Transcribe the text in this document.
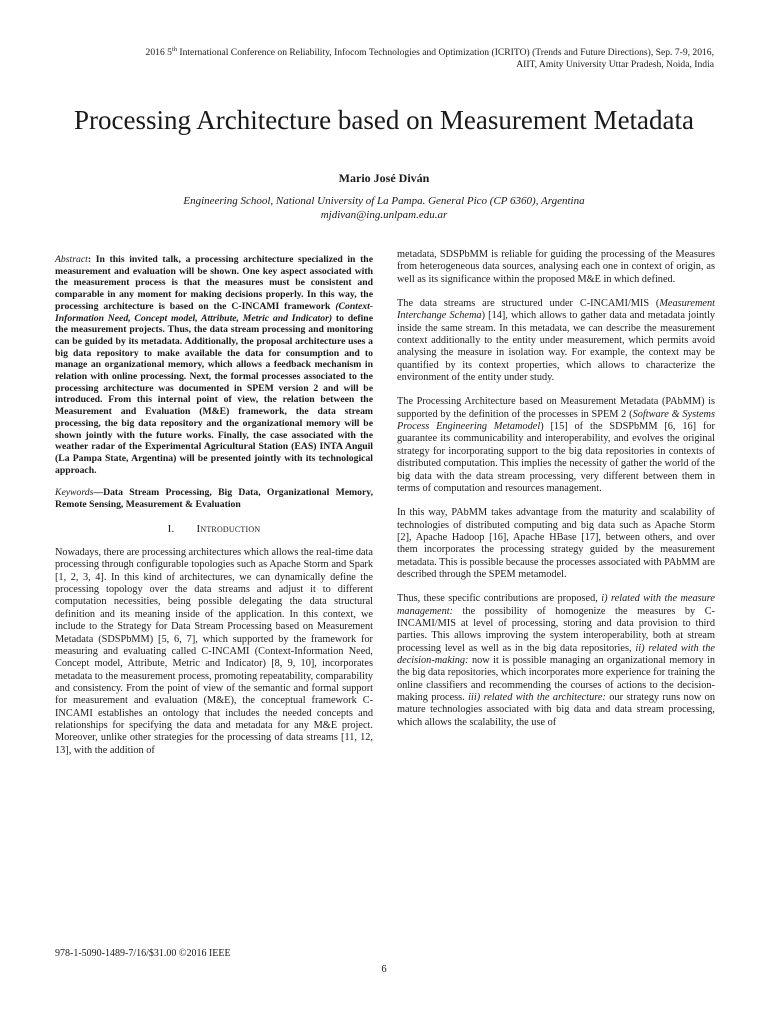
2016 5th International Conference on Reliability, Infocom Technologies and Optimization (ICRITO) (Trends and Future Directions), Sep. 7-9, 2016,
AIIT, Amity University Uttar Pradesh, Noida, India
Processing Architecture based on Measurement Metadata
Mario José Diván
Engineering School, National University of La Pampa. General Pico (CP 6360), Argentina
mjdivan@ing.unlpam.edu.ar
Abstract: In this invited talk, a processing architecture specialized in the measurement and evaluation will be shown. One key aspect associated with the measurement process is that the measures must be consistent and comparable in any moment for making decisions properly. In this way, the processing architecture is based on the C-INCAMI framework (Context-Information Need, Concept model, Attribute, Metric and Indicator) to define the measurement projects. Thus, the data stream processing and monitoring can be guided by its metadata. Additionally, the proposal architecture uses a big data repository to make available the data for consumption and to manage an organizational memory, which allows a feedback mechanism in relation with online processing. Next, the formal processes associated to the processing architecture was documented in SPEM version 2 and will be introduced. From this internal point of view, the relation between the Measurement and Evaluation (M&E) framework, the data stream processing, the big data repository and the organizational memory will be shown jointly with the future works. Finally, the case associated with the weather radar of the Experimental Agricultural Station (EAS) INTA Anguil (La Pampa State, Argentina) will be presented jointly with its technological approach.
Keywords—Data Stream Processing, Big Data, Organizational Memory, Remote Sensing, Measurement & Evaluation
I. Introduction

Nowadays, there are processing architectures which allows the real-time data processing through configurable topologies such as Apache Storm and Spark [1, 2, 3, 4]. In this kind of architectures, we can dynamically define the processing topology over the data streams and adjust it to different computation necessities, being possible delegating the data structural definition and its meaning inside of the application. In this context, we include to the Strategy for Data Stream Processing based on Measurement Metadata (SDSPbMM) [5, 6, 7], which supported by the framework for measuring and evaluating called C-INCAMI (Context-Information Need, Concept model, Attribute, Metric and Indicator) [8, 9, 10], incorporates metadata to the measurement process, promoting repeatability, comparability and consistency. From the point of view of the semantic and formal support for measurement and evaluation (M&E), the conceptual framework C-INCAMI establishes an ontology that includes the needed concepts and relationships for specifying the data and metadata for any M&E project. Moreover, unlike other strategies for the processing of data streams [11, 12, 13], with the addition of

metadata, SDSPbMM is reliable for guiding the processing of the Measures from heterogeneous data sources, analysing each one in context of origin, as well as its significance within the proposed M&E in which defined.

The data streams are structured under C-INCAMI/MIS (Measurement Interchange Schema) [14], which allows to gather data and metadata jointly inside the same stream. In this metadata, we can describe the measurement context additionally to the entity under measurement, which permits avoid analysing the measure in isolation way. For example, the context may be quantified by its context properties, which allows to characterize the environment of the entity under study.

The Processing Architecture based on Measurement Metadata (PAbMM) is supported by the definition of the processes in SPEM 2 (Software & Systems Process Engineering Metamodel) [15] of the SDSPbMM [6, 16] for guarantee its communicability and interoperability, and evolves the original strategy for incorporating support to the big data repositories in contexts of distributed computation. This implies the necessity of gather the world of the big data with the data stream processing, very different between them in terms of computation and resources management.

In this way, PAbMM takes advantage from the maturity and scalability of technologies of distributed computing and big data such as Apache Storm [2], Apache Hadoop [16], Apache HBase [17], between others, and over them incorporates the processing strategy guided by the measurement metadata. This is possible because the processes associated with PAbMM are described through the SPEM metamodel.

Thus, these specific contributions are proposed, i) related with the measure management: the possibility of homogenize the measures by C-INCAMI/MIS at level of processing, storing and data provision to third parties. This allows improving the system interoperability, both at stream processing level as well as in the big data repositories, ii) related with the decision-making: now it is possible managing an organizational memory in the big data repositories, which incorporates more experience for training the online classifiers and recommending the courses of actions to the decision-making process. iii) related with the architecture: our strategy runs now on mature technologies associated with big data and data stream processing, which allows the scalability, the use of

978-1-5090-1489-7/16/$31.00 ©2016 IEEE
6
